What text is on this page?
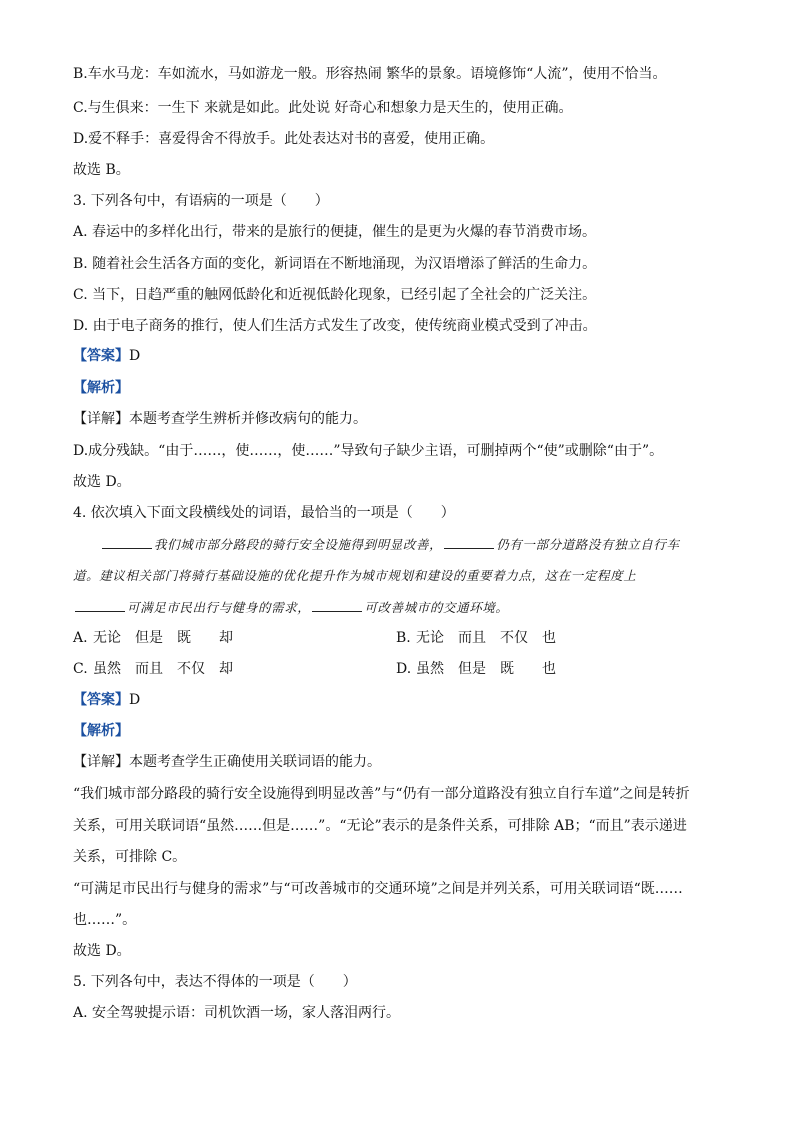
B.车水马龙：车如流水，马如游龙一般。形容热闹 繁华的景象。语境修饰“人流”，使用不恰当。
C.与生俱来：一生下 来就是如此。此处说 好奇心和想象力是天生的，使用正确。
D.爱不释手：喜爱得舍不得放手。此处表达对书的喜爱，使用正确。
故选 B。
3. 下列各句中，有语病的一项是（　　）
A. 春运中的多样化出行，带来的是旅行的便捷，催生的是更为火爆的春节消费市场。
B. 随着社会生活各方面的变化，新词语在不断地涌现，为汉语增添了鲜活的生命力。
C. 当下，日趋严重的触网低龄化和近视低龄化现象，已经引起了全社会的广泛关注。
D. 由于电子商务的推行，使人们生活方式发生了改变，使传统商业模式受到了冲击。
【答案】D
【解析】
【详解】本题考查学生辨析并修改病句的能力。
D.成分残缺。“由于……，使……，使……”导致句子缺少主语，可删掉两个“使”或删除“由于”。
故选 D。
4. 依次填入下面文段横线处的词语，最恰当的一项是（　　）
我们城市部分路段的骑行安全设施得到明显改善，	仍有一部分道路没有独立自行车
道。建议相关部门将骑行基础设施的优化提升作为城市规划和建设的重要着力点，这在一定程度上
可满足市民出行与健身的需求，	可改善城市的交通环境。
A. 无论 但是 既 却	B. 无论 而且 不仅 也
C. 虽然 而且 不仅 却	D. 虽然 但是 既 也
【答案】D
【解析】
【详解】本题考查学生正确使用关联词语的能力。
“我们城市部分路段的骑行安全设施得到明显改善”与“仍有一部分道路没有独立自行车道”之间是转折
关系，可用关联词语“虽然……但是……”。“无论”表示的是条件关系，可排除 AB；“而且”表示递进
关系，可排除 C。
“可满足市民出行与健身的需求”与“可改善城市的交通环境”之间是并列关系，可用关联词语“既……
也……”。
故选 D。
5. 下列各句中，表达不得体的一项是（　　）
A. 安全驾驶提示语：司机饮酒一场，家人落泪两行。
